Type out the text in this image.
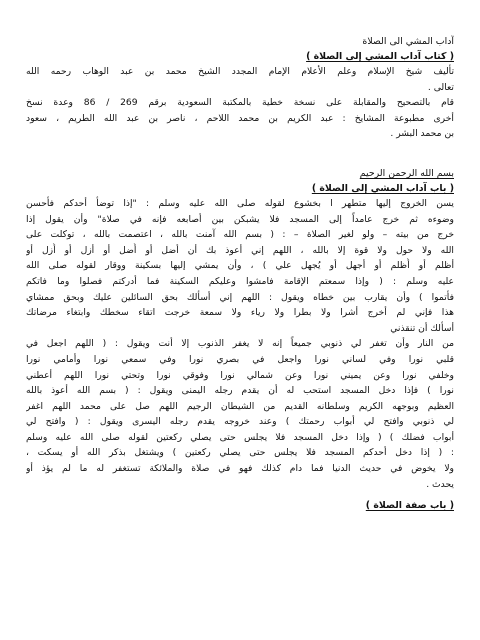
آداب المشي الى الصلاة
( كتاب آداب المشي إلى الصلاة )
تأليف شيخ الإسلام وعلم الأعلام الإمام المجدد الشيخ محمد بن عبد الوهاب رحمه الله
تعالى .
قام بالتصحيح والمقابلة على نسخة خطية بالمكتبة السعودية برقم 269 / 86 وعدة نسخ
أخرى مطبوعة المشايخ : عبد الكريم بن محمد اللاحم ، ناصر بن عبد الله الطريم ، سعود
بن محمد البشر .
بسم الله الرحمن الرحيم
( باب آداب المشي إلى الصلاة )
يسن الخروج إليها متطهر ا بخشوع لقوله صلى الله عليه وسلم : "إذا توضأ أحدكم فأحسن
وضوءه ثم خرج عامداً إلى المسجد فلا يشبكن بين أصابعه فإنه في صلاة" وأن يقول إذا
خرج من بيته – ولو لغير الصلاة – : ( بسم الله آمنت بالله ، اعتصمت بالله ، توكلت على
الله ولا حول ولا قوة إلا بالله ، اللهم إني أعوذ بك أن أضل أو أُضل أو أزل أو أُزل أو
أظلم أو أُظلم أو أجهل أو يُجهل علي ) ، وأن يمشي إليها بسكينة ووقار لقوله صلى الله
عليه وسلم : ( وإذا سمعتم الإقامة فامشوا وعليكم السكينة فما أدركتم فصلوا وما فاتكم
فأتموا ) وأن يقارب بين خطاه ويقول : اللهم إني أسألك بحق السائلين عليك وبحق ممشاي
هذا فإني لم أخرج أشرا ولا بطرا ولا رياء ولا سمعة خرجت اتقاء سخطك وابتغاء مرضاتك
أسألك أن تنقذني
من النار وأن تغفر لي ذنوبي جميعاً إنه لا يغفر الذنوب إلا أنت ويقول : ( اللهم اجعل في
قلبي نورا وفي لساني نورا واجعل في بصري نورا وفي سمعي نورا وأمامي نورا
وخلفي نورا وعن يميني نورا وعن شمالي نورا وفوقي نورا وتحتي نورا اللهم أعطني
نورا ) فإذا دخل المسجد استحب له أن يقدم رجله اليمنى ويقول : ( بسم الله أعوذ بالله
العظيم وبوجهه الكريم وسلطانه القديم من الشيطان الرجيم اللهم صل على محمد اللهم اغفر
لي ذنوبي وافتح لي أبواب رحمتك ) وعند خروجه يقدم رجله اليسرى ويقول : ( وافتح لي
أبواب فضلك ) ( وإذا دخل المسجد فلا يجلس حتى يصلي ركعتين لقوله صلى الله عليه وسلم
: ( إذا دخل أحدكم المسجد فلا يجلس حتى يصلي ركعتين ) ويشتغل بذكر الله أو يسكت ،
ولا يخوض في حديث الدنيا فما دام كذلك فهو في صلاة والملائكة تستغفر له ما لم يؤذ أو
يحدث .
( باب صفة الصلاة )
